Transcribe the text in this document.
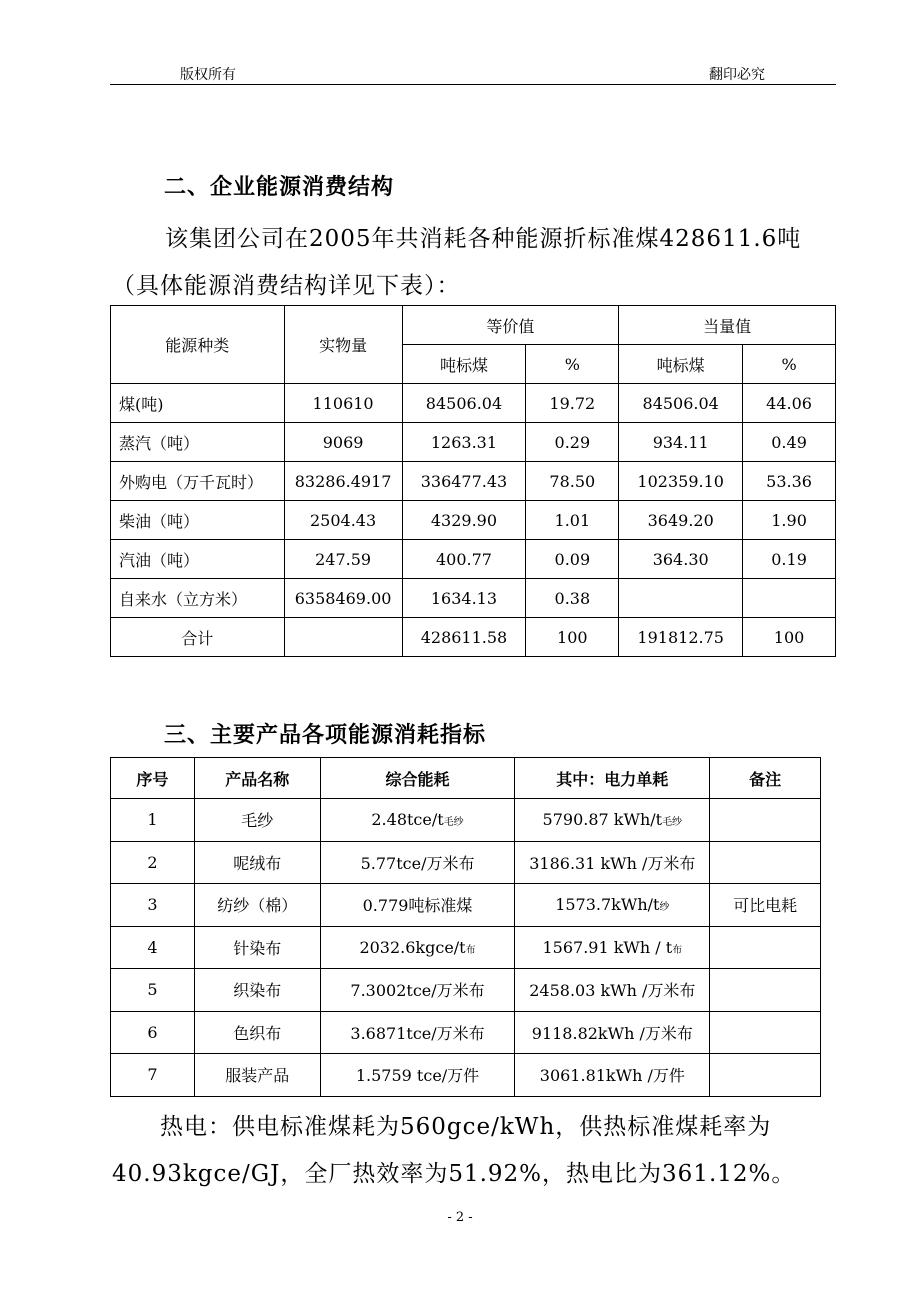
版权所有	翻印必究
二、企业能源消费结构
该集团公司在2005年共消耗各种能源折标准煤428611.6吨
（具体能源消费结构详见下表）：
能源种类	实物量	等价值		当量值	
		吨标煤	%	吨标煤	%
煤(吨)	110610	84506.04	19.72	84506.04	44.06
蒸汽（吨）	9069	1263.31	0.29	934.11	0.49
外购电（万千瓦时）	83286.4917	336477.43	78.50	102359.10	53.36
柴油（吨）	2504.43	4329.90	1.01	3649.20	1.90
汽油（吨）	247.59	400.77	0.09	364.30	0.19
自来水（立方米）	6358469.00	1634.13	0.38		
合计		428611.58	100	191812.75	100
三、主要产品各项能源消耗指标
序号	产品名称	综合能耗	其中：电力单耗	备注
1	毛纱	2.48tce/t毛纱	5790.87 kWh/t毛纱	
2	呢绒布	5.77tce/万米布	3186.31 kWh /万米布	
3	纺纱（棉）	0.779吨标准煤	1573.7kWh/t纱	可比电耗
4	针染布	2032.6kgce/t布	1567.91 kWh / t布	
5	织染布	7.3002tce/万米布	2458.03 kWh /万米布	
6	色织布	3.6871tce/万米布	9118.82kWh /万米布	
7	服装产品	1.5759 tce/万件	3061.81kWh /万件	
热电：供电标准煤耗为560gce/kWh，供热标准煤耗率为
40.93kgce/GJ，全厂热效率为51.92%，热电比为361.12%。
- 2 -
